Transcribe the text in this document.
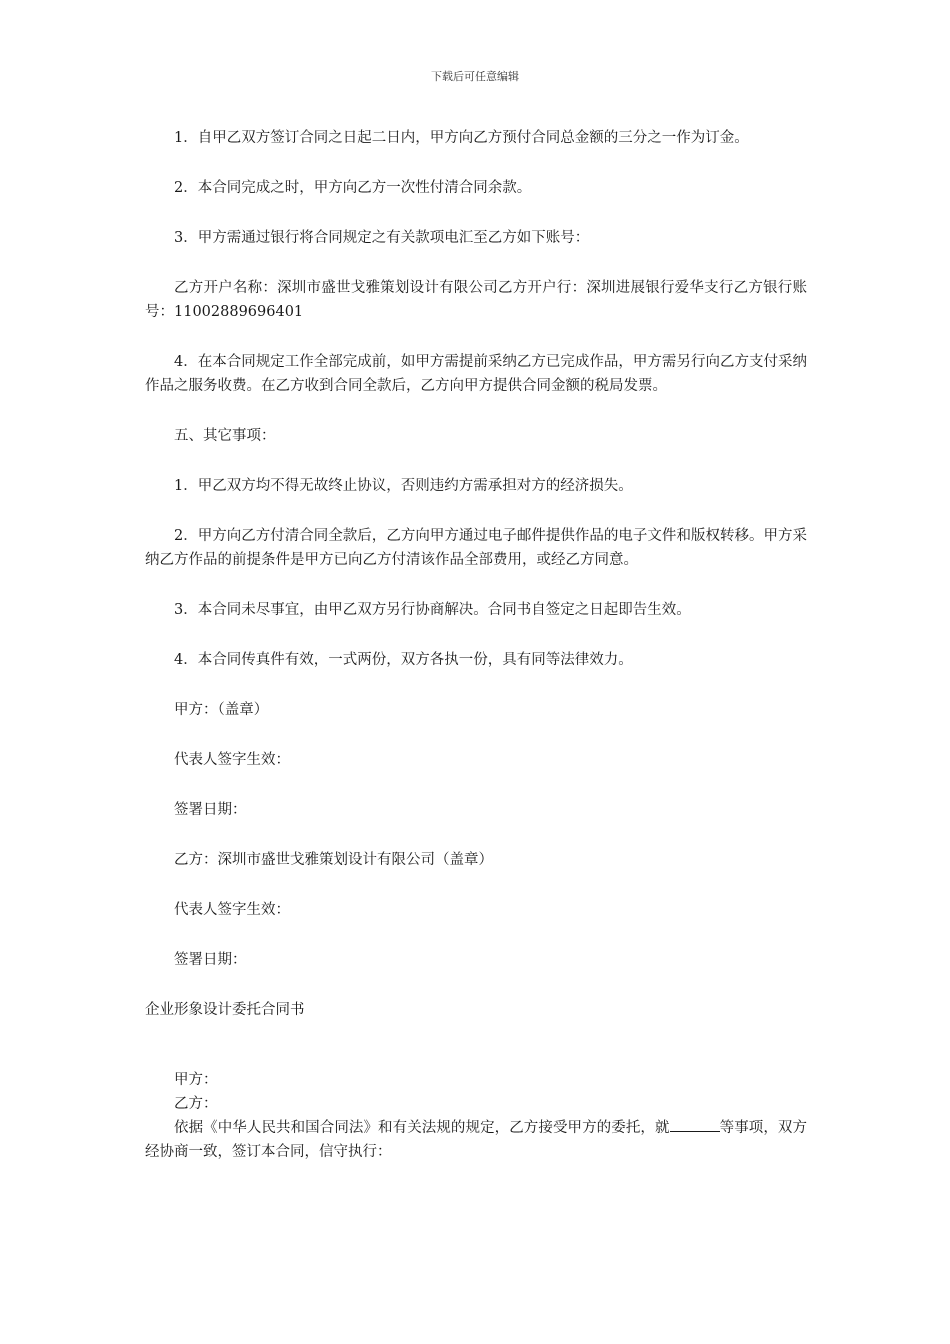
下载后可任意编辑

1．自甲乙双方签订合同之日起二日内，甲方向乙方预付合同总金额的三分之一作为订金。

2．本合同完成之时，甲方向乙方一次性付清合同余款。

3．甲方需通过银行将合同规定之有关款项电汇至乙方如下账号：

乙方开户名称：深圳市盛世戈雅策划设计有限公司乙方开户行：深圳进展银行爱华支行乙方银行账号：11002889696401

4．在本合同规定工作全部完成前，如甲方需提前采纳乙方已完成作品，甲方需另行向乙方支付采纳作品之服务收费。在乙方收到合同全款后，乙方向甲方提供合同金额的税局发票。

五、其它事项：

1．甲乙双方均不得无故终止协议，否则违约方需承担对方的经济损失。

2．甲方向乙方付清合同全款后，乙方向甲方通过电子邮件提供作品的电子文件和版权转移。甲方采纳乙方作品的前提条件是甲方已向乙方付清该作品全部费用，或经乙方同意。

3．本合同未尽事宜，由甲乙双方另行协商解决。合同书自签定之日起即告生效。

4．本合同传真件有效，一式两份，双方各执一份，具有同等法律效力。

甲方：（盖章）

代表人签字生效：

签署日期：

乙方：深圳市盛世戈雅策划设计有限公司（盖章）

代表人签字生效：

签署日期：

企业形象设计委托合同书

甲方：

乙方：

依据《中华人民共和国合同法》和有关法规的规定，乙方接受甲方的委托，就	等事项，双方经协商一致，签订本合同，信守执行：
